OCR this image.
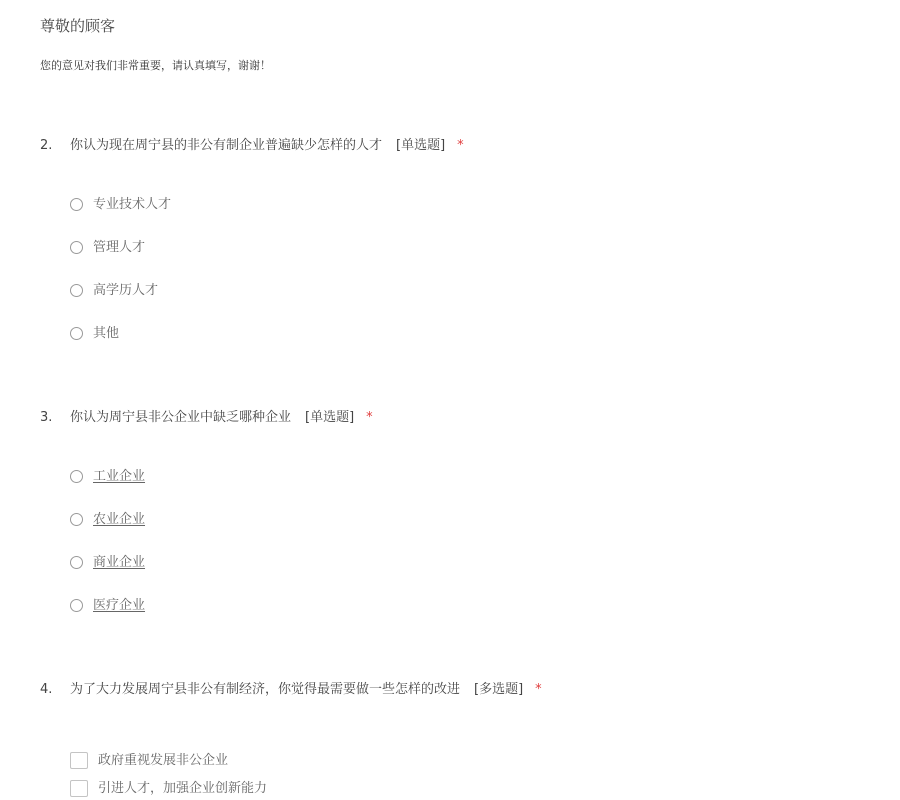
尊敬的顾客
您的意见对我们非常重要，请认真填写，谢谢！
2. 你认为现在周宁县的非公有制企业普遍缺少怎样的人才 [单选题] *
专业技术人才
管理人才
高学历人才
其他
3. 你认为周宁县非公企业中缺乏哪种企业 [单选题] *
工业企业
农业企业
商业企业
医疗企业
4. 为了大力发展周宁县非公有制经济，你觉得最需要做一些怎样的改进 [多选题] *
政府重视发展非公企业
引进人才，加强企业创新能力
